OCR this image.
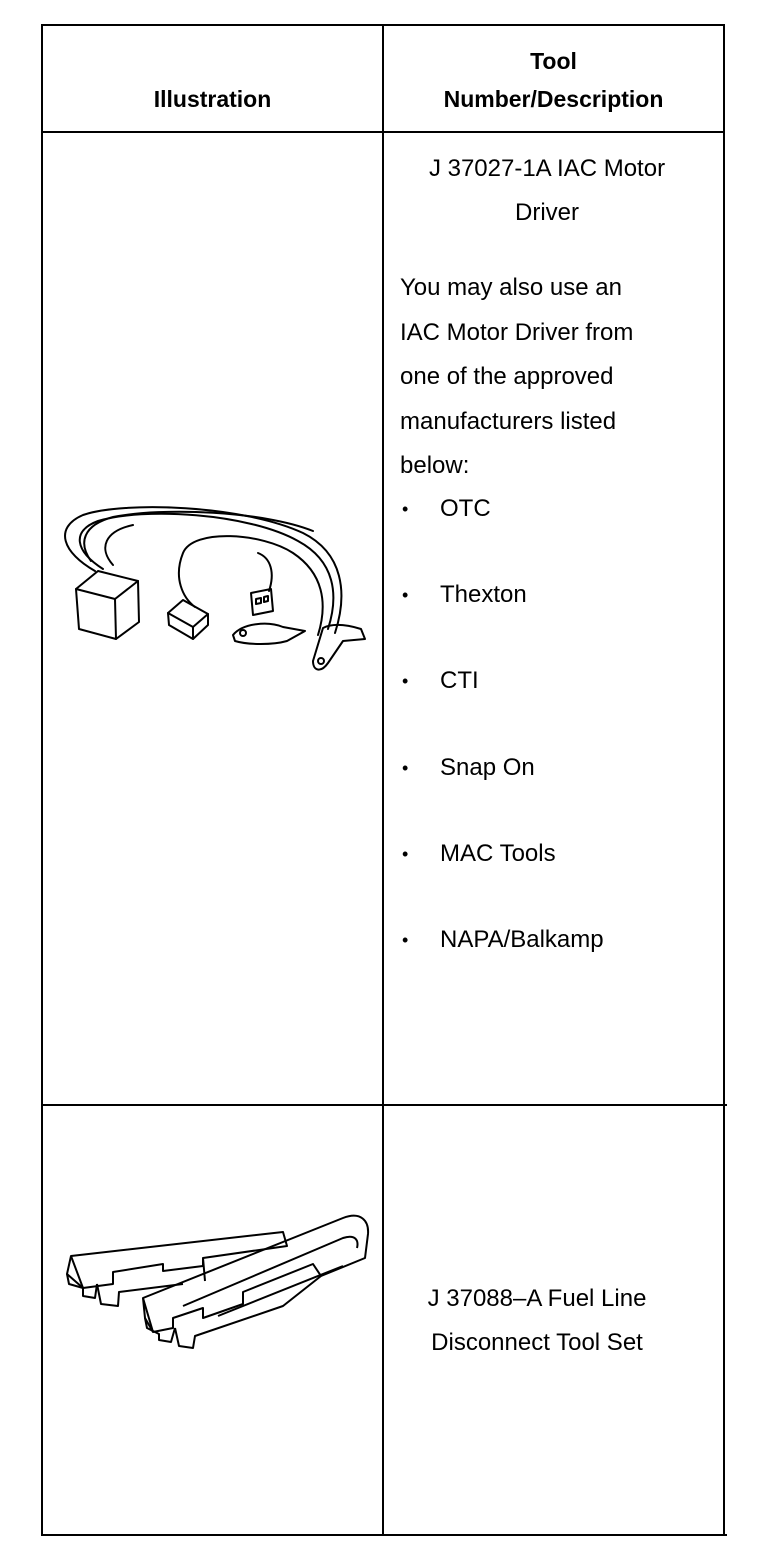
Illustration
Tool
Number/Description
J 37027-1A IAC Motor
Driver
You may also use an
IAC Motor Driver from
one of the approved
manufacturers listed
below:
• OTC
• Thexton
• CTI
• Snap On
• MAC Tools
• NAPA/Balkamp
J 37088–A Fuel Line
Disconnect Tool Set
